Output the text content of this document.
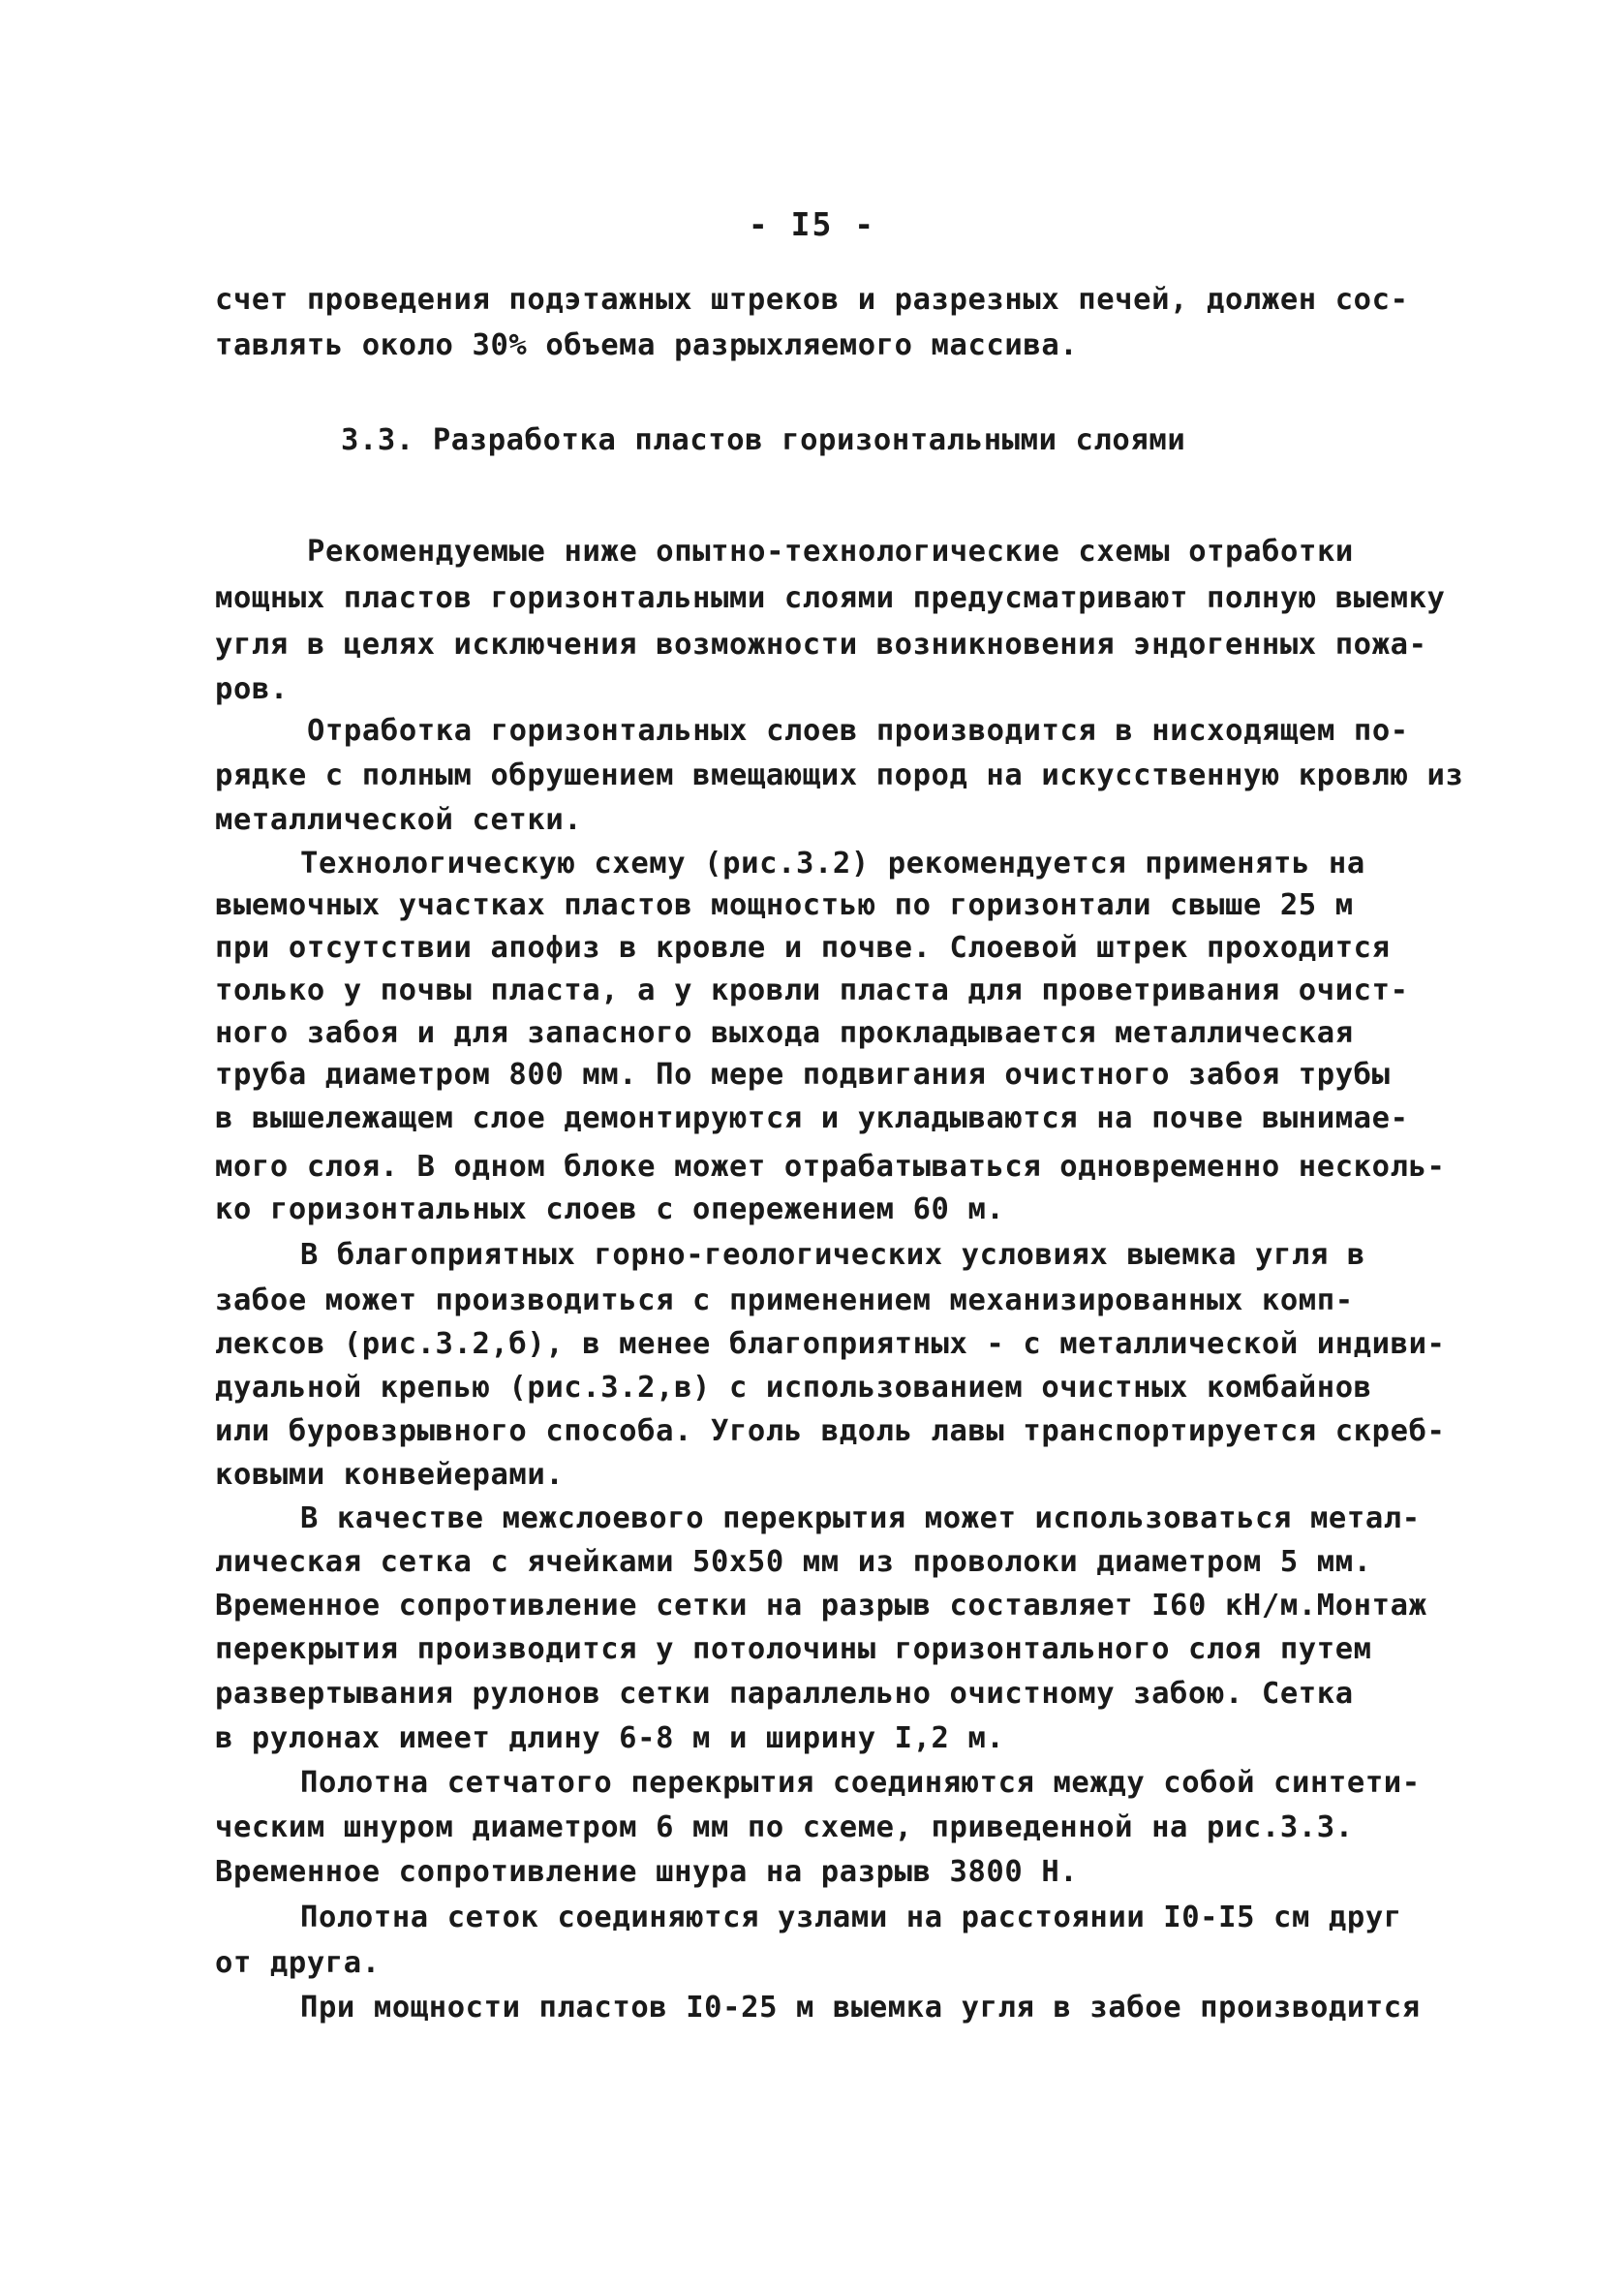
- I5 -
счет проведения подэтажных штреков и разрезных печей, должен сос-
тавлять около 30% объема разрыхляемого массива.
3.3. Разработка пластов горизонтальными слоями
Рекомендуемые ниже опытно-технологические схемы отработки
мощных пластов горизонтальными слоями предусматривают полную выемку
угля в целях исключения возможности возникновения эндогенных пожа-
ров.
Отработка горизонтальных слоев производится в нисходящем по-
рядке с полным обрушением вмещающих пород на искусственную кровлю из
металлической сетки.
Технологическую схему (рис.3.2) рекомендуется применять на
выемочных участках пластов мощностью по горизонтали свыше 25 м
при отсутствии апофиз в кровле и почве. Слоевой штрек проходится
только у почвы пласта, а у кровли пласта для проветривания очист-
ного забоя и для запасного выхода прокладывается металлическая
труба диаметром 800 мм. По мере подвигания очистного забоя трубы
в вышележащем слое демонтируются и укладываются на почве вынимае-
мого слоя. В одном блоке может отрабатываться одновременно несколь-
ко горизонтальных слоев с опережением 60 м.
В благоприятных горно-геологических условиях выемка угля в
забое может производиться с применением механизированных комп-
лексов (рис.3.2,б), в менее благоприятных - с металлической индиви-
дуальной крепью (рис.3.2,в) с использованием очистных комбайнов
или буровзрывного способа. Уголь вдоль лавы транспортируется скреб-
ковыми конвейерами.
В качестве межслоевого перекрытия может использоваться метал-
лическая сетка с ячейками 50х50 мм из проволоки диаметром 5 мм.
Временное сопротивление сетки на разрыв составляет I60 кН/м.Монтаж
перекрытия производится у потолочины горизонтального слоя путем
развертывания рулонов сетки параллельно очистному забою. Сетка
в рулонах имеет длину 6-8 м и ширину I,2 м.
Полотна сетчатого перекрытия соединяются между собой синтети-
ческим шнуром диаметром 6 мм по схеме, приведенной на рис.3.3.
Временное сопротивление шнура на разрыв 3800 Н.
Полотна сеток соединяются узлами на расстоянии I0-I5 см друг
от друга.
При мощности пластов I0-25 м выемка угля в забое производится
